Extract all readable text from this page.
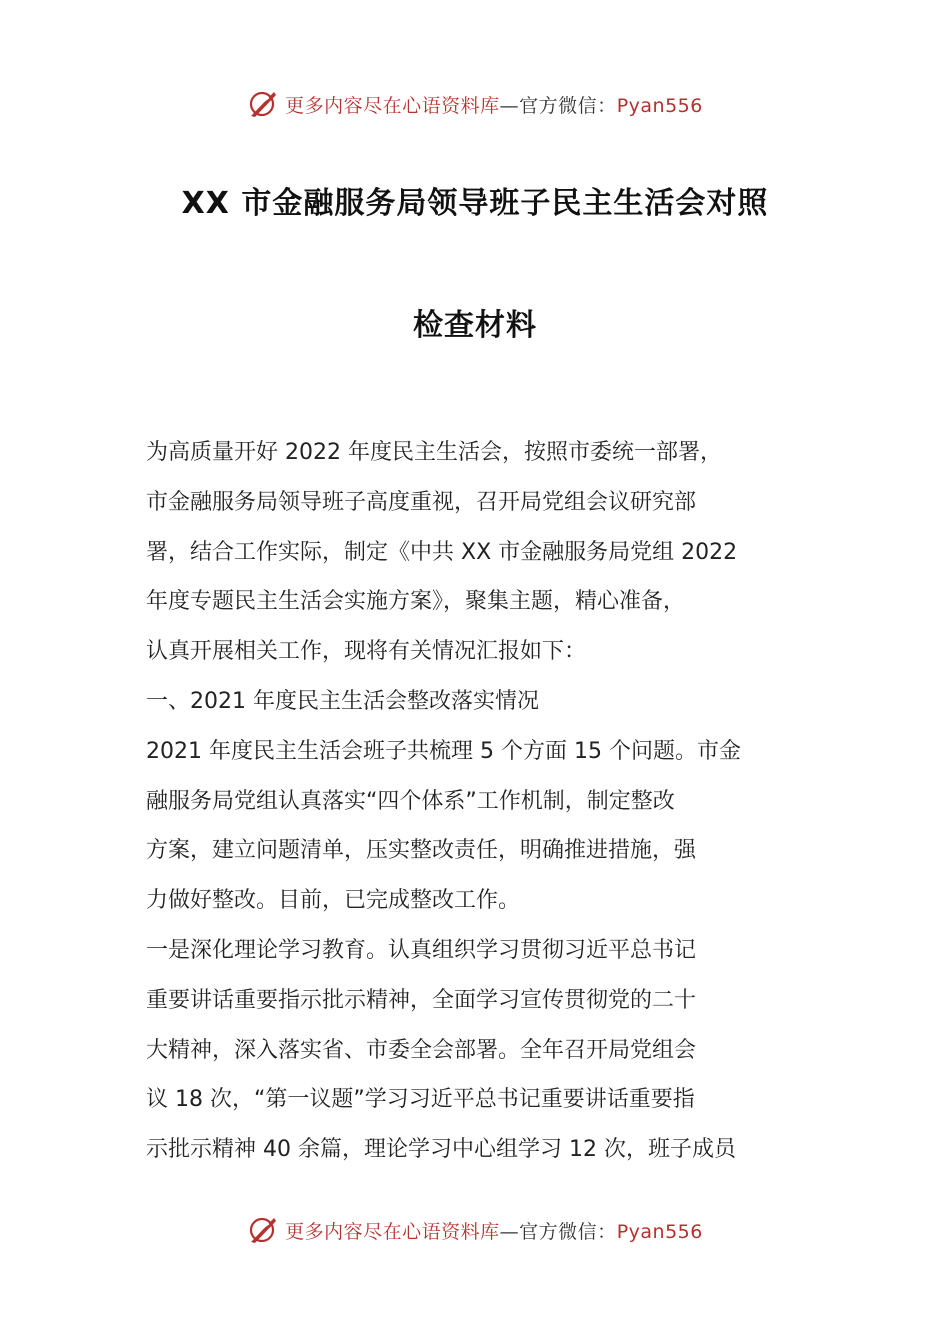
更多内容尽在心语资料库—官方微信：Pyan556
XX 市金融服务局领导班子民主生活会对照
检查材料
为高质量开好 2022 年度民主生活会，按照市委统一部署，
市金融服务局领导班子高度重视，召开局党组会议研究部
署，结合工作实际，制定《中共 XX 市金融服务局党组 2022
年度专题民主生活会实施方案》，聚集主题，精心准备，
认真开展相关工作，现将有关情况汇报如下：
一、2021 年度民主生活会整改落实情况
2021 年度民主生活会班子共梳理 5 个方面 15 个问题。市金
融服务局党组认真落实“四个体系”工作机制，制定整改
方案，建立问题清单，压实整改责任，明确推进措施，强
力做好整改。目前，已完成整改工作。
一是深化理论学习教育。认真组织学习贯彻习近平总书记
重要讲话重要指示批示精神，全面学习宣传贯彻党的二十
大精神，深入落实省、市委全会部署。全年召开局党组会
议 18 次，“第一议题”学习习近平总书记重要讲话重要指
示批示精神 40 余篇，理论学习中心组学习 12 次，班子成员
更多内容尽在心语资料库—官方微信：Pyan556
